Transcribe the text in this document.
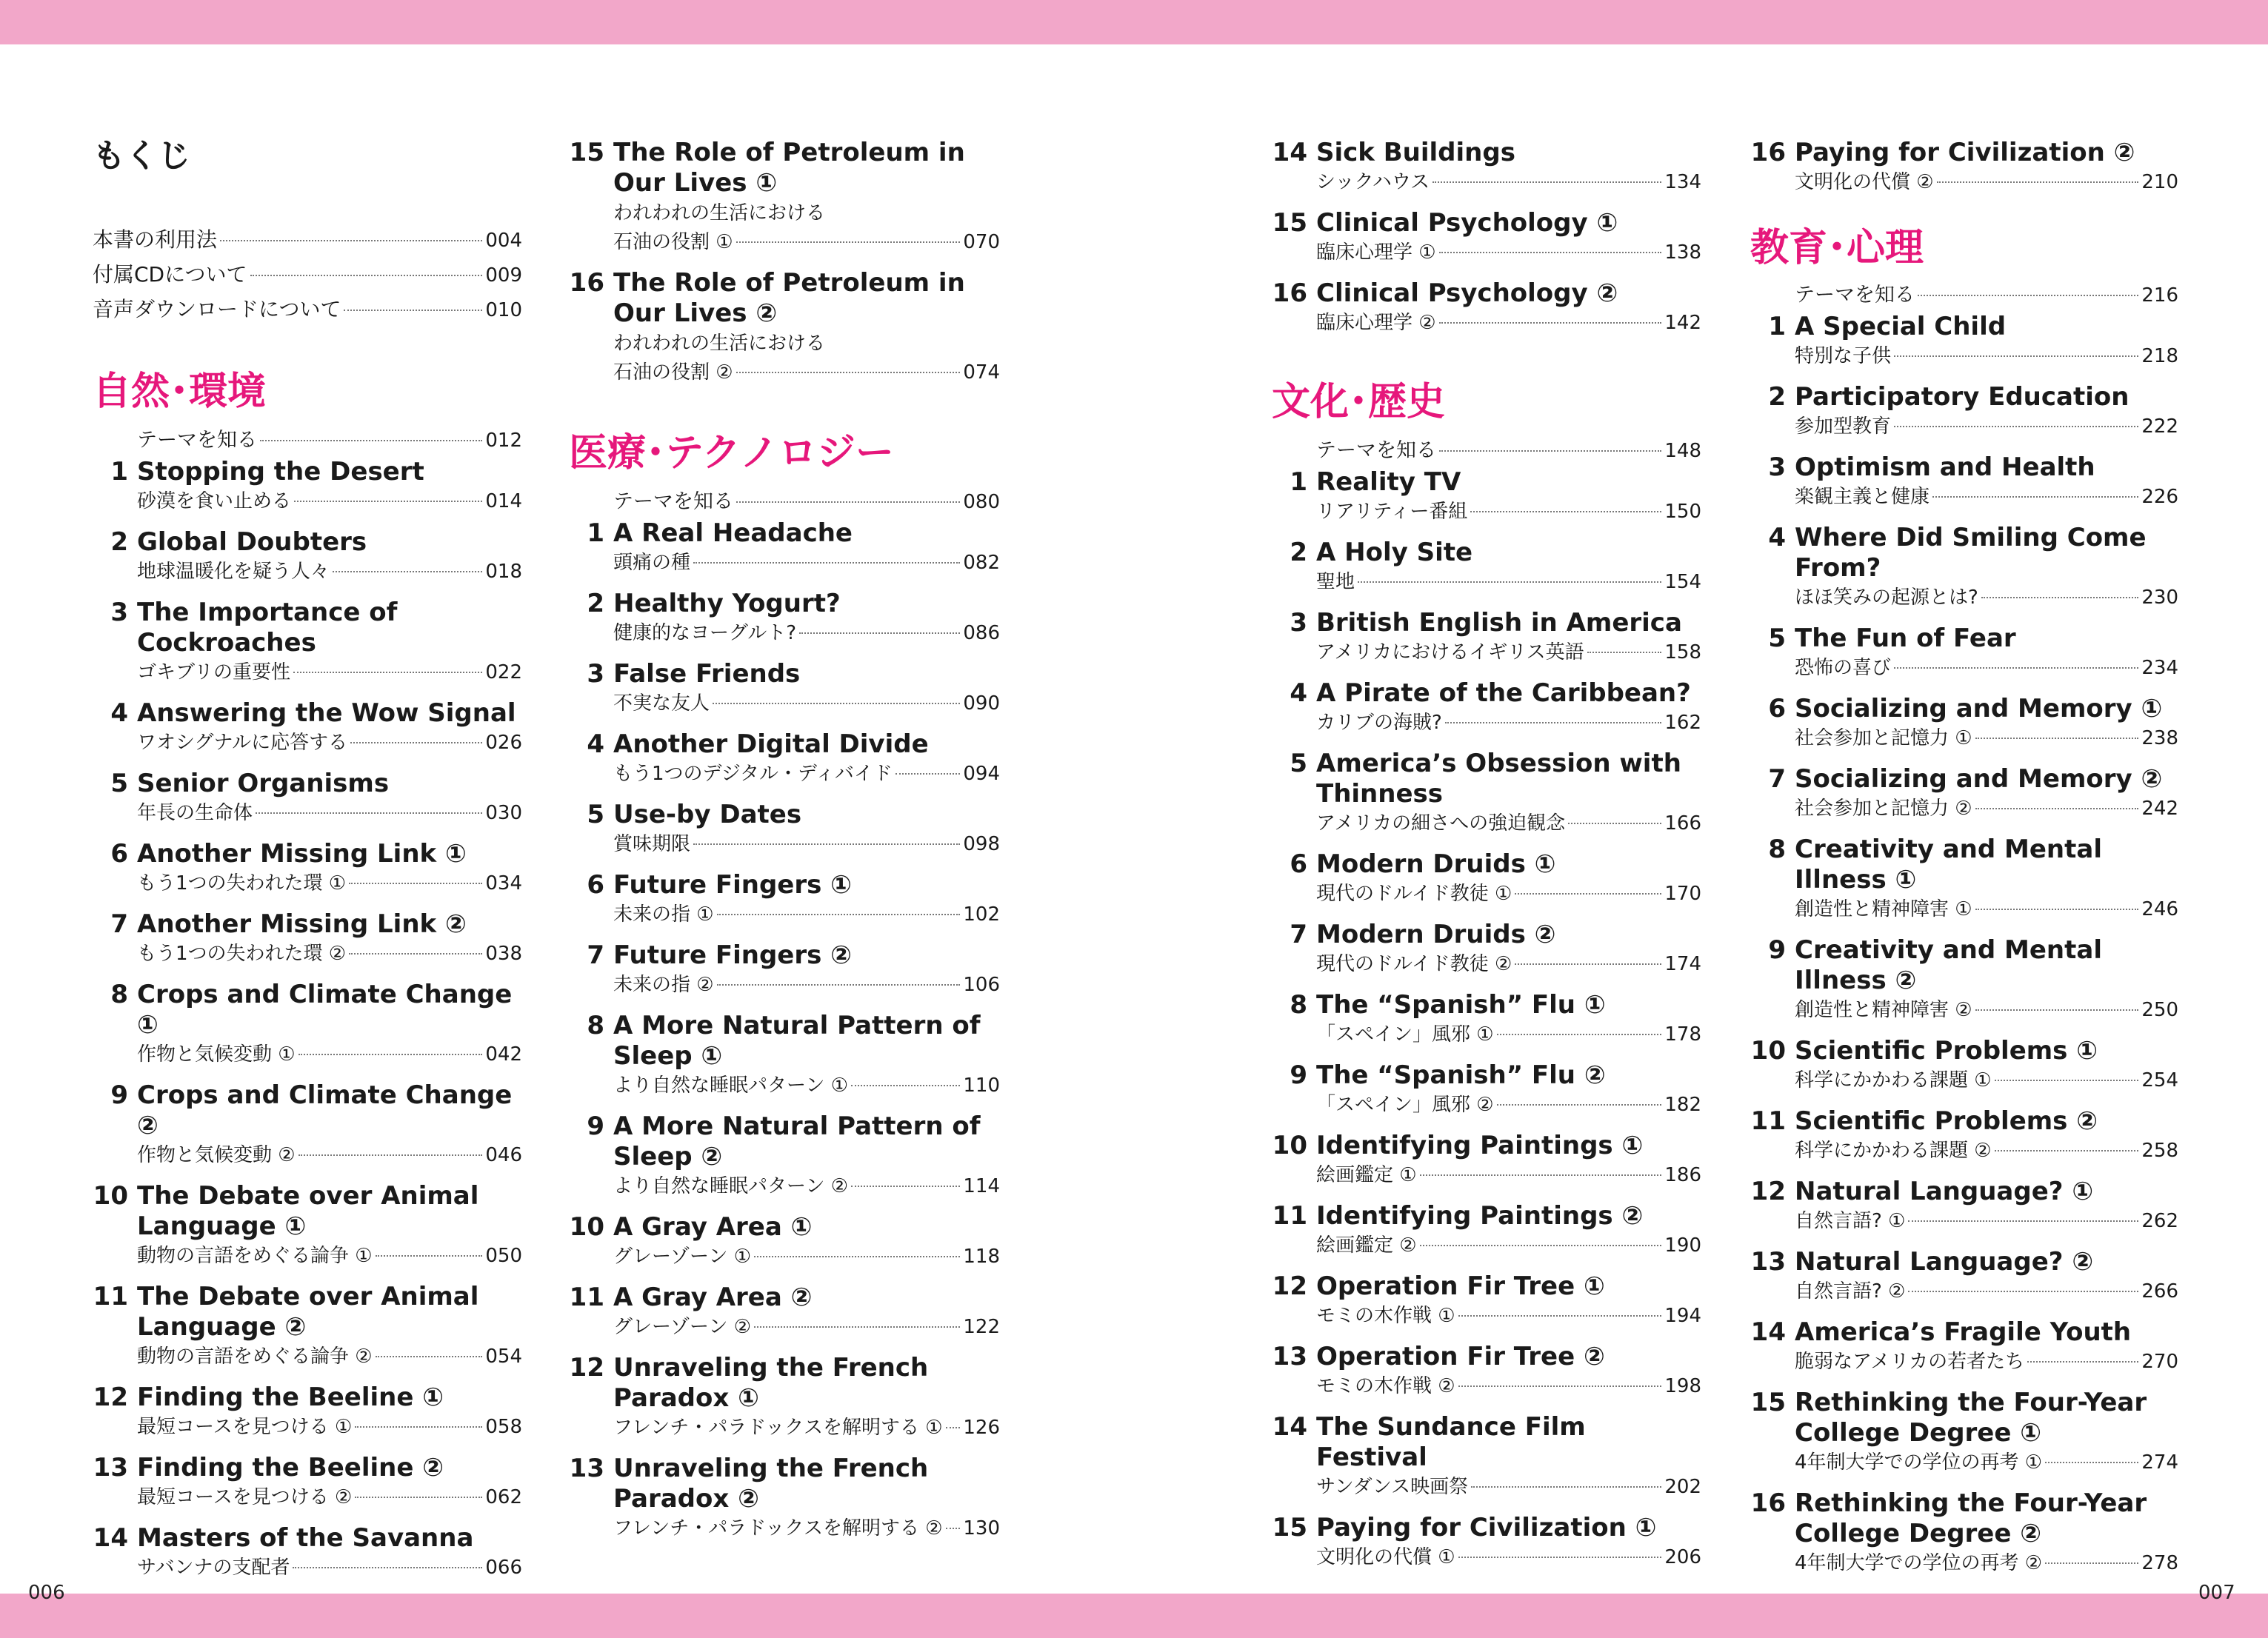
006	007
もくじ
本書の利用法	004
付属CDについて	009
音声ダウンロードについて	010
自然･環境
テーマを知る	012
1 Stopping the Desert
砂漠を食い止める	014
2 Global Doubters
地球温暖化を疑う人々	018
3 The Importance of Cockroaches
ゴキブリの重要性	022
4 Answering the Wow Signal
ワオシグナルに応答する	026
5 Senior Organisms
年長の生命体	030
6 Another Missing Link ①
もう1つの失われた環 ①	034
7 Another Missing Link ②
もう1つの失われた環 ②	038
8 Crops and Climate Change ①
作物と気候変動 ①	042
9 Crops and Climate Change ②
作物と気候変動 ②	046
10 The Debate over Animal Language ①
動物の言語をめぐる論争 ①	050
11 The Debate over Animal Language ②
動物の言語をめぐる論争 ②	054
12 Finding the Beeline ①
最短コースを見つける ①	058
13 Finding the Beeline ②
最短コースを見つける ②	062
14 Masters of the Savanna
サバンナの支配者	066
15 The Role of Petroleum in Our Lives ①
われわれの生活における
石油の役割 ①	070
16 The Role of Petroleum in Our Lives ②
われわれの生活における
石油の役割 ②	074
医療･テクノロジー
テーマを知る	080
1 A Real Headache
頭痛の種	082
2 Healthy Yogurt?
健康的なヨーグルト?	086
3 False Friends
不実な友人	090
4 Another Digital Divide
もう1つのデジタル・ディバイド	094
5 Use-by Dates
賞味期限	098
6 Future Fingers ①
未来の指 ①	102
7 Future Fingers ②
未来の指 ②	106
8 A More Natural Pattern of Sleep ①
より自然な睡眠パターン ①	110
9 A More Natural Pattern of Sleep ②
より自然な睡眠パターン ②	114
10 A Gray Area ①
グレーゾーン ①	118
11 A Gray Area ②
グレーゾーン ②	122
12 Unraveling the French Paradox ①
フレンチ・パラドックスを解明する ① 126
13 Unraveling the French Paradox ②
フレンチ・パラドックスを解明する ② 130
14 Sick Buildings
シックハウス	134
15 Clinical Psychology ①
臨床心理学 ①	138
16 Clinical Psychology ②
臨床心理学 ②	142
文化･歴史
テーマを知る	148
1 Reality TV
リアリティー番組	150
2 A Holy Site
聖地	154
3 British English in America
アメリカにおけるイギリス英語	158
4 A Pirate of the Caribbean?
カリブの海賊?	162
5 America’s Obsession with Thinness
アメリカの細さへの強迫観念	166
6 Modern Druids ①
現代のドルイド教徒 ①	170
7 Modern Druids ②
現代のドルイド教徒 ②	174
8 The “Spanish” Flu ①
「スペイン」風邪 ①	178
9 The “Spanish” Flu ②
「スペイン」風邪 ②	182
10 Identifying Paintings ①
絵画鑑定 ①	186
11 Identifying Paintings ②
絵画鑑定 ②	190
12 Operation Fir Tree ①
モミの木作戦 ①	194
13 Operation Fir Tree ②
モミの木作戦 ②	198
14 The Sundance Film Festival
サンダンス映画祭	202
15 Paying for Civilization ①
文明化の代償 ①	206
16 Paying for Civilization ②
文明化の代償 ②	210
教育･心理
テーマを知る	216
1 A Special Child
特別な子供	218
2 Participatory Education
参加型教育	222
3 Optimism and Health
楽観主義と健康	226
4 Where Did Smiling Come From?
ほほ笑みの起源とは?	230
5 The Fun of Fear
恐怖の喜び	234
6 Socializing and Memory ①
社会参加と記憶力 ①	238
7 Socializing and Memory ②
社会参加と記憶力 ②	242
8 Creativity and Mental Illness ①
創造性と精神障害 ①	246
9 Creativity and Mental Illness ②
創造性と精神障害 ②	250
10 Scientific Problems ①
科学にかかわる課題 ①	254
11 Scientific Problems ②
科学にかかわる課題 ②	258
12 Natural Language? ①
自然言語? ①	262
13 Natural Language? ②
自然言語? ②	266
14 America’s Fragile Youth
脆弱なアメリカの若者たち	270
15 Rethinking the Four-Year College Degree ①
4年制大学での学位の再考 ①	274
16 Rethinking the Four-Year College Degree ②
4年制大学での学位の再考 ②	278
